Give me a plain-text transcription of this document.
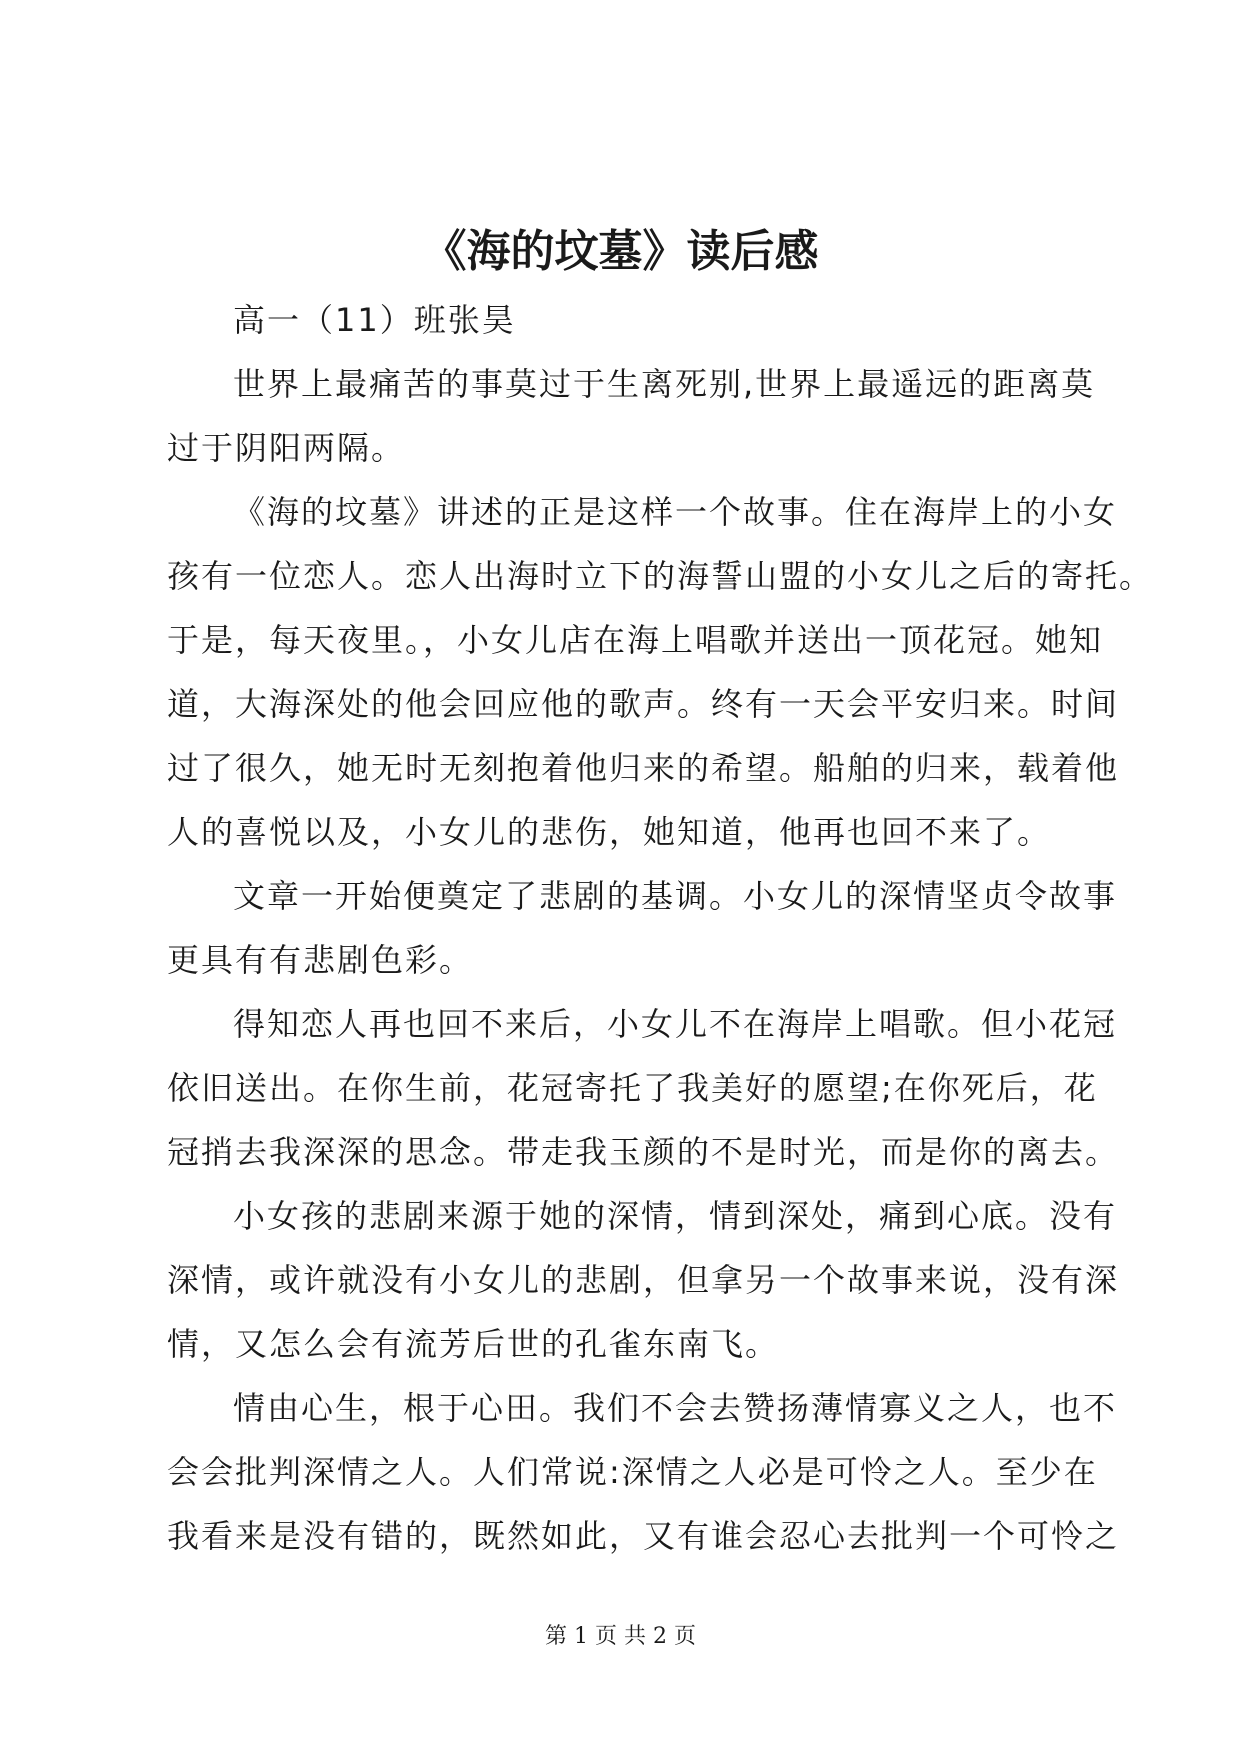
《海的坟墓》读后感

高一（11）班张昊

世界上最痛苦的事莫过于生离死别,世界上最遥远的距离莫

过于阴阳两隔。

《海的坟墓》讲述的正是这样一个故事。住在海岸上的小女

孩有一位恋人。恋人出海时立下的海誓山盟的小女儿之后的寄托。

于是，每天夜里。，小女儿店在海上唱歌并送出一顶花冠。她知

道，大海深处的他会回应他的歌声。终有一天会平安归来。时间

过了很久，她无时无刻抱着他归来的希望。船舶的归来，载着他

人的喜悦以及，小女儿的悲伤，她知道，他再也回不来了。

文章一开始便奠定了悲剧的基调。小女儿的深情坚贞令故事

更具有有悲剧色彩。

得知恋人再也回不来后，小女儿不在海岸上唱歌。但小花冠

依旧送出。在你生前，花冠寄托了我美好的愿望;在你死后，花

冠捎去我深深的思念。带走我玉颜的不是时光，而是你的离去。

小女孩的悲剧来源于她的深情，情到深处，痛到心底。没有

深情，或许就没有小女儿的悲剧，但拿另一个故事来说，没有深

情，又怎么会有流芳后世的孔雀东南飞。

情由心生，根于心田。我们不会去赞扬薄情寡义之人，也不

会会批判深情之人。人们常说:深情之人必是可怜之人。至少在

我看来是没有错的，既然如此，又有谁会忍心去批判一个可怜之

第 1 页 共 2 页
